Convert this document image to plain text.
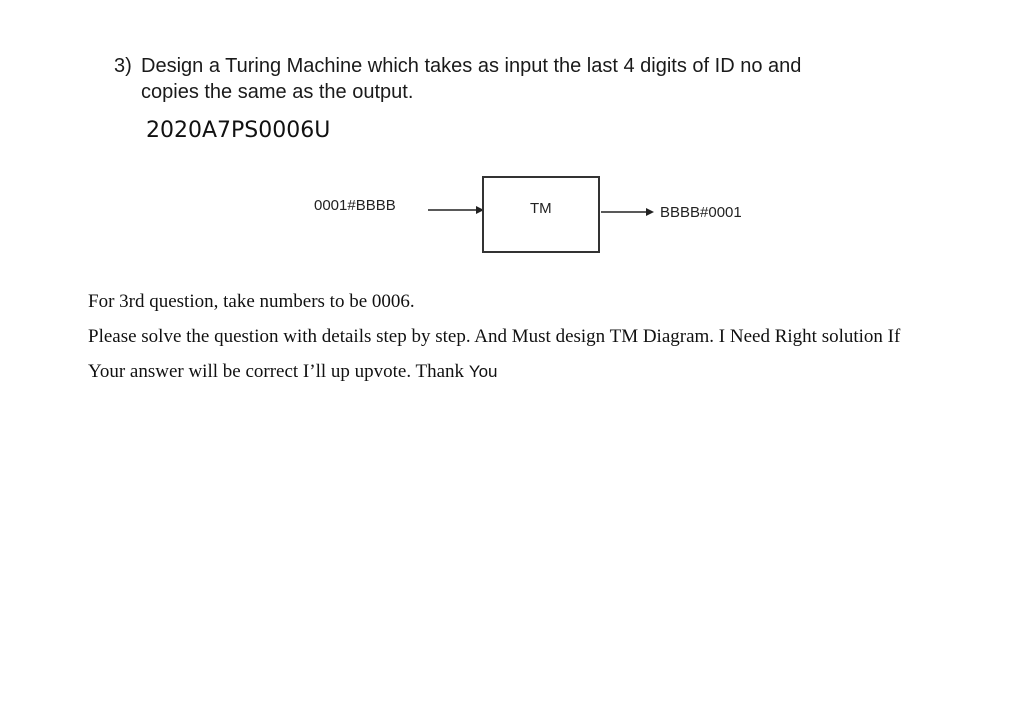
3) Design a Turing Machine which takes as input the last 4 digits of ID no and
copies the same as the output.
2020A7PS0006U
0001#BBBB	TM	BBBB#0001
For 3rd question, take numbers to be 0006.
Please solve the question with details step by step. And Must design TM Diagram. I Need Right solution If
Your answer will be correct I’ll up upvote. Thank You
